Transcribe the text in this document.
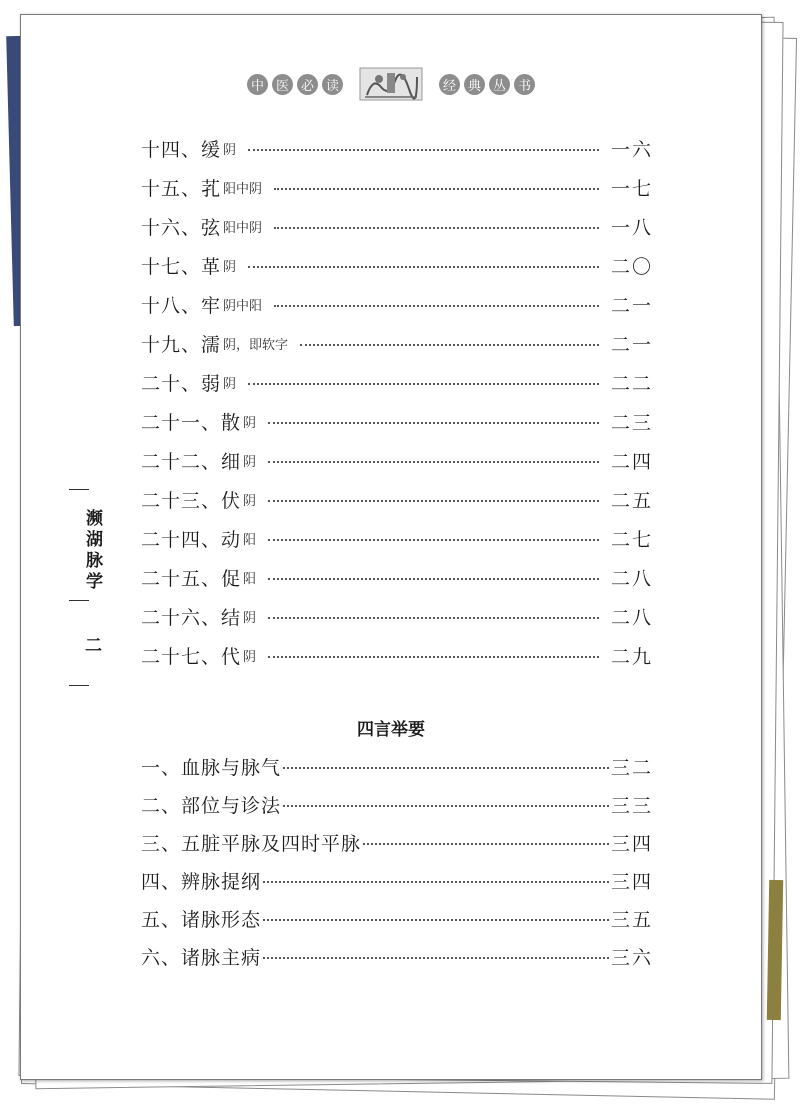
中 医 必 读	经 典 丛 书
濒湖脉学
二
十四、缓 阴	一六
十五、芤 阳中阴	一七
十六、弦 阳中阴	一八
十七、革 阴	二〇
十八、牢 阴中阳	二一
十九、濡 阴，即软字	二一
二十、弱 阴	二二
二十一、散 阴	二三
二十二、细 阴	二四
二十三、伏 阴	二五
二十四、动 阳	二七
二十五、促 阳	二八
二十六、结 阴	二八
二十七、代 阴	二九
四言举要
一、血脉与脉气	三二
二、部位与诊法	三三
三、五脏平脉及四时平脉	三四
四、辨脉提纲	三四
五、诸脉形态	三五
六、诸脉主病	三六
